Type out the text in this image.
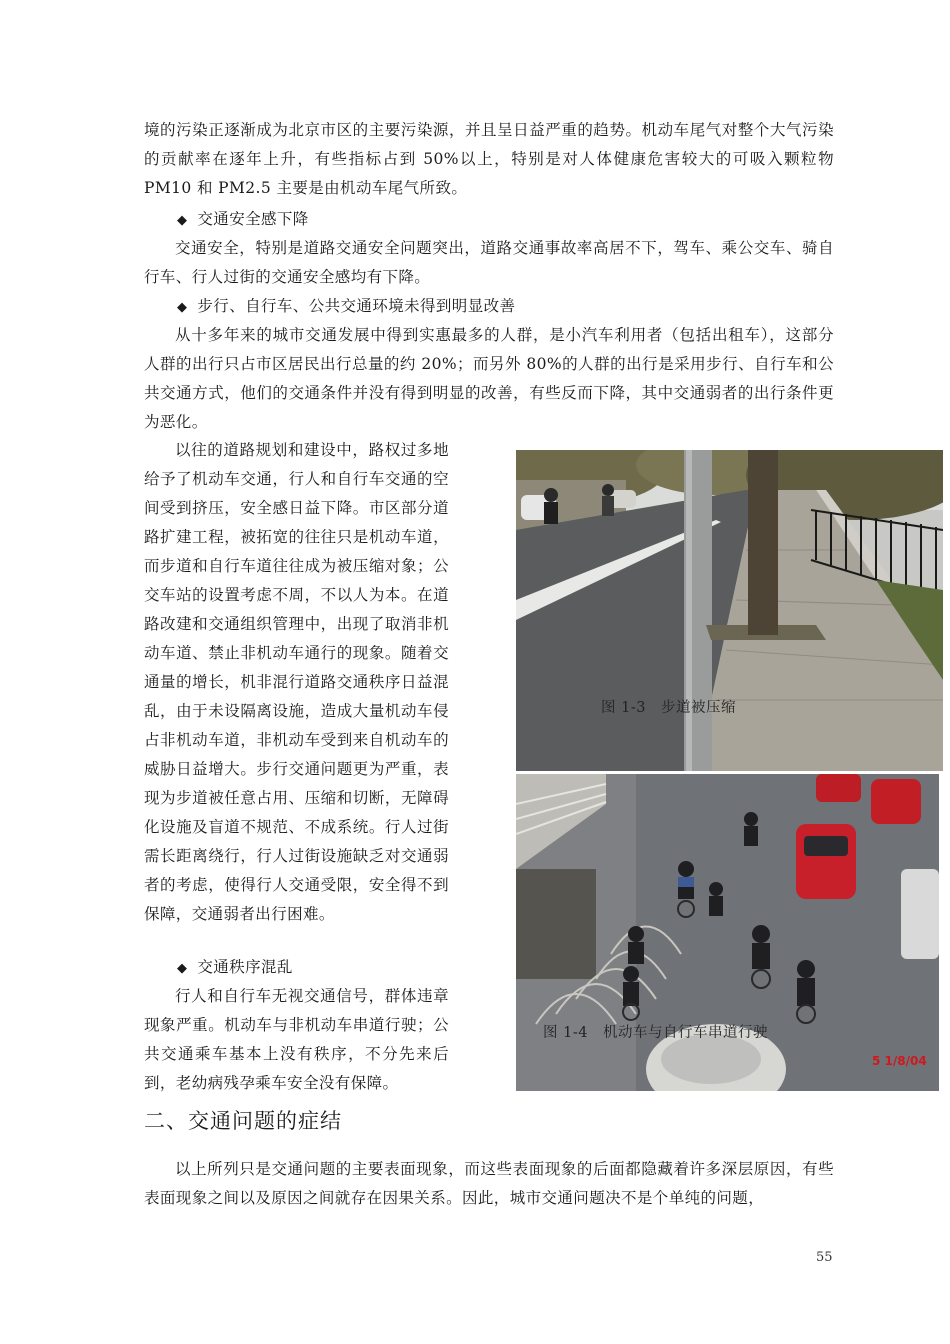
境的污染正逐渐成为北京市区的主要污染源，并且呈日益严重的趋势。机动车尾气对整个大气污染的贡献率在逐年上升，有些指标占到 50%以上，特别是对人体健康危害较大的可吸入颗粒物 PM10 和 PM2.5 主要是由机动车尾气所致。

◆ 交通安全感下降

交通安全，特别是道路交通安全问题突出，道路交通事故率高居不下，驾车、乘公交车、骑自行车、行人过街的交通安全感均有下降。

◆ 步行、自行车、公共交通环境未得到明显改善

从十多年来的城市交通发展中得到实惠最多的人群，是小汽车利用者（包括出租车），这部分人群的出行只占市区居民出行总量的约 20%；而另外 80%的人群的出行是采用步行、自行车和公共交通方式，他们的交通条件并没有得到明显的改善，有些反而下降，其中交通弱者的出行条件更为恶化。

以往的道路规划和建设中，路权过多地给予了机动车交通，行人和自行车交通的空间受到挤压，安全感日益下降。市区部分道路扩建工程，被拓宽的往往只是机动车道，而步道和自行车道往往成为被压缩对象；公交车站的设置考虑不周，不以人为本。在道路改建和交通组织管理中，出现了取消非机动车道、禁止非机动车通行的现象。随着交通量的增长，机非混行道路交通秩序日益混乱，由于未设隔离设施，造成大量机动车侵占非机动车道，非机动车受到来自机动车的威胁日益增大。步行交通问题更为严重，表现为步道被任意占用、压缩和切断，无障碍化设施及盲道不规范、不成系统。行人过街需长距离绕行，行人过街设施缺乏对交通弱者的考虑，使得行人交通受限，安全得不到保障，交通弱者出行困难。

◆ 交通秩序混乱

行人和自行车无视交通信号，群体违章现象严重。机动车与非机动车串道行驶；公共交通乘车基本上没有秩序，不分先来后到，老幼病残孕乘车安全没有保障。

图 1-3　步道被压缩
图 1-4　机动车与自行车串道行驶
5 1/8/04
二、交通问题的症结

以上所列只是交通问题的主要表面现象，而这些表面现象的后面都隐藏着许多深层原因，有些表面现象之间以及原因之间就存在因果关系。因此，城市交通问题决不是个单纯的问题，

55
